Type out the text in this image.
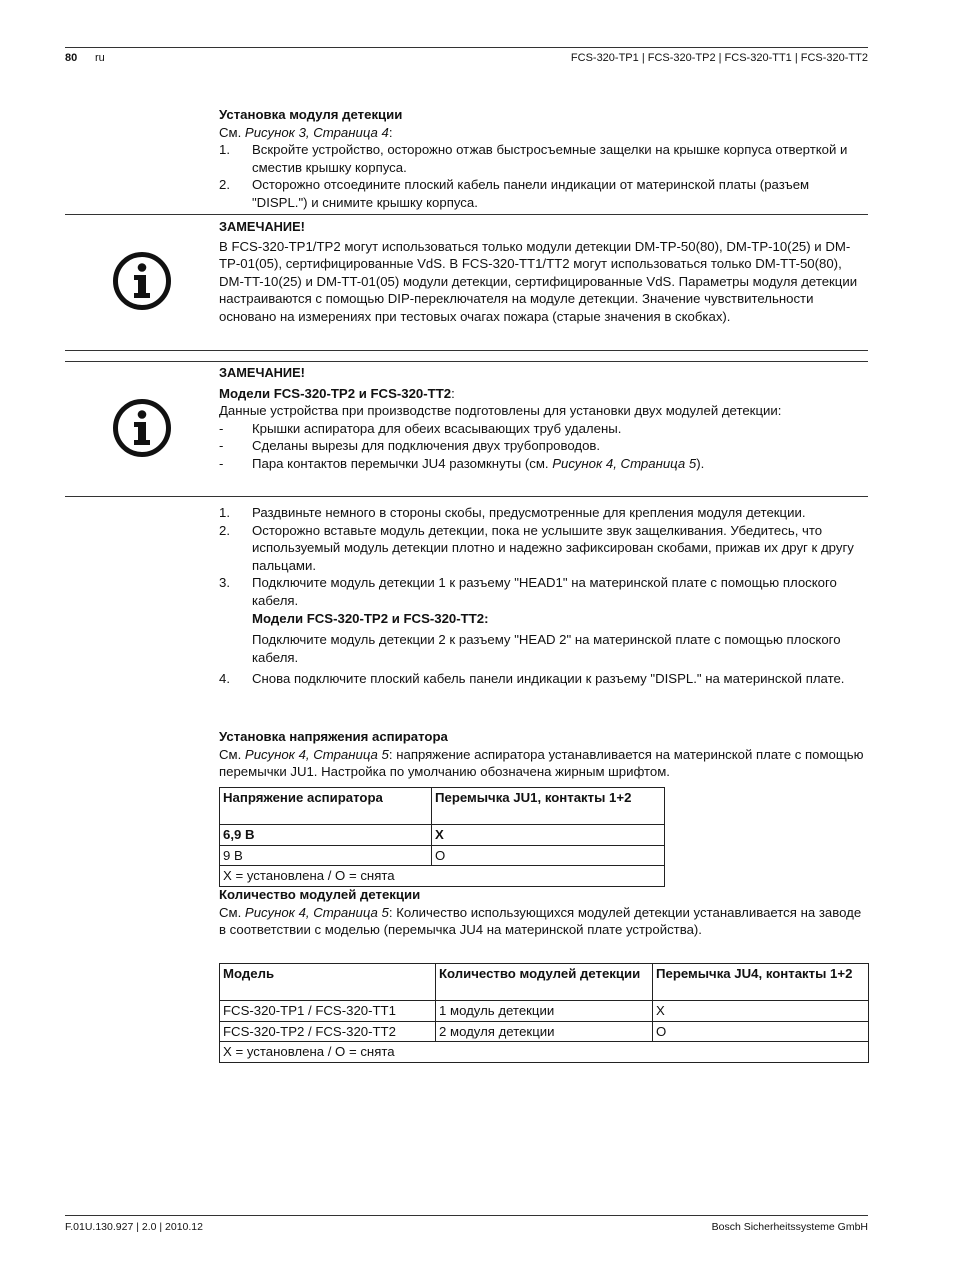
80 ru	FCS-320-TP1 | FCS-320-TP2 | FCS-320-TT1 | FCS-320-TT2
Установка модуля детекции
См. Рисунок 3, Страница 4:
1. Вскройте устройство, осторожно отжав быстросъемные защелки на крышке корпуса отверткой и сместив крышку корпуса.
2. Осторожно отсоедините плоский кабель панели индикации от материнской платы (разъем "DISPL.") и снимите крышку корпуса.
ЗАМЕЧАНИЕ!
В FCS-320-TP1/TP2 могут использоваться только модули детекции DM-TP-50(80), DM-TP-10(25) и DM-TP-01(05), сертифицированные VdS. В FCS-320-TT1/TT2 могут использоваться только DM-TT-50(80), DM-TT-10(25) и DM-TT-01(05) модули детекции, сертифицированные VdS. Параметры модуля детекции настраиваются с помощью DIP-переключателя на модуле детекции. Значение чувствительности основано на измерениях при тестовых очагах пожара (старые значения в скобках).
ЗАМЕЧАНИЕ!
Модели FCS-320-TP2 и FCS-320-TT2:
Данные устройства при производстве подготовлены для установки двух модулей детекции:
- Крышки аспиратора для обеих всасывающих труб удалены.
- Сделаны вырезы для подключения двух трубопроводов.
- Пара контактов перемычки JU4 разомкнуты (см. Рисунок 4, Страница 5).
1. Раздвиньте немного в стороны скобы, предусмотренные для крепления модуля детекции.
2. Осторожно вставьте модуль детекции, пока не услышите звук защелкивания. Убедитесь, что используемый модуль детекции плотно и надежно зафиксирован скобами, прижав их друг к другу пальцами.
3. Подключите модуль детекции 1 к разъему "HEAD1" на материнской плате с помощью плоского кабеля.
Модели FCS-320-TP2 и FCS-320-TT2:
Подключите модуль детекции 2 к разъему "HEAD 2" на материнской плате с помощью плоского кабеля.
4. Снова подключите плоский кабель панели индикации к разъему "DISPL." на материнской плате.
Установка напряжения аспиратора
См. Рисунок 4, Страница 5: напряжение аспиратора устанавливается на материнской плате с помощью перемычки JU1. Настройка по умолчанию обозначена жирным шрифтом.
Напряжение аспиратора	Перемычка JU1, контакты 1+2
6,9 В	X
9 В	O
X = установлена / O = снята	
Количество модулей детекции
См. Рисунок 4, Страница 5: Количество использующихся модулей детекции устанавливается на заводе в соответствии с моделью (перемычка JU4 на материнской плате устройства).
Модель	Количество модулей детекции	Перемычка JU4, контакты 1+2
FCS-320-TP1 / FCS-320-TT1	1 модуль детекции	X
FCS-320-TP2 / FCS-320-TT2	2 модуля детекции	O
X = установлена / O = снята		
F.01U.130.927 | 2.0 | 2010.12	Bosch Sicherheitssysteme GmbH
